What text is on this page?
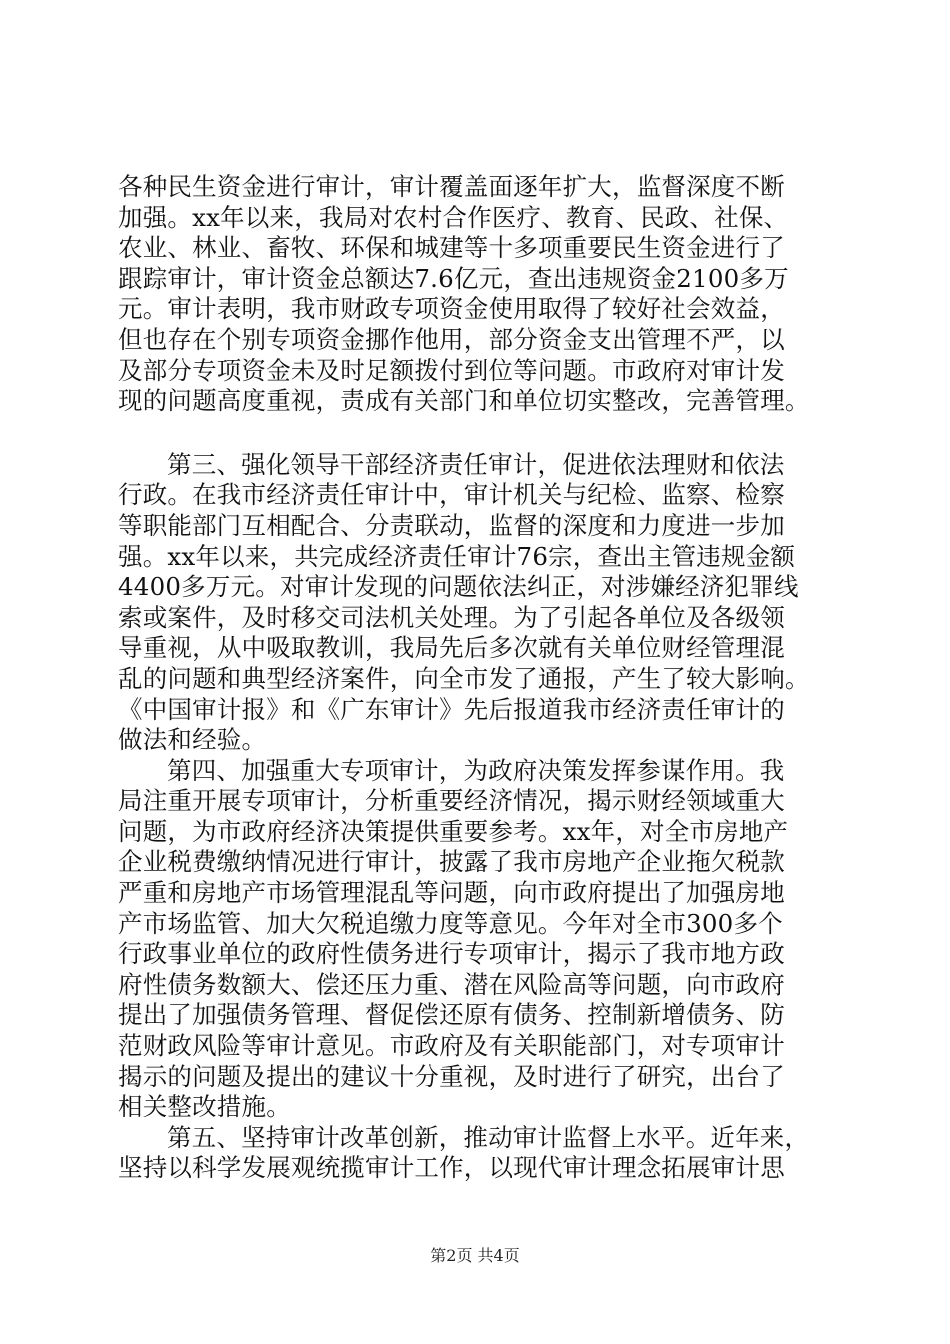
各种民生资金进行审计，审计覆盖面逐年扩大，监督深度不断
加强。xx年以来，我局对农村合作医疗、教育、民政、社保、
农业、林业、畜牧、环保和城建等十多项重要民生资金进行了
跟踪审计，审计资金总额达7.6亿元，查出违规资金2100多万
元。审计表明，我市财政专项资金使用取得了较好社会效益，
但也存在个别专项资金挪作他用，部分资金支出管理不严，以
及部分专项资金未及时足额拨付到位等问题。市政府对审计发
现的问题高度重视，责成有关部门和单位切实整改，完善管理。
第三、强化领导干部经济责任审计，促进依法理财和依法
行政。在我市经济责任审计中，审计机关与纪检、监察、检察
等职能部门互相配合、分责联动，监督的深度和力度进一步加
强。xx年以来，共完成经济责任审计76宗，查出主管违规金额
4400多万元。对审计发现的问题依法纠正，对涉嫌经济犯罪线
索或案件，及时移交司法机关处理。为了引起各单位及各级领
导重视，从中吸取教训，我局先后多次就有关单位财经管理混
乱的问题和典型经济案件，向全市发了通报，产生了较大影响。
《中国审计报》和《广东审计》先后报道我市经济责任审计的
做法和经验。
第四、加强重大专项审计，为政府决策发挥参谋作用。我
局注重开展专项审计，分析重要经济情况，揭示财经领域重大
问题，为市政府经济决策提供重要参考。xx年，对全市房地产
企业税费缴纳情况进行审计，披露了我市房地产企业拖欠税款
严重和房地产市场管理混乱等问题，向市政府提出了加强房地
产市场监管、加大欠税追缴力度等意见。今年对全市300多个
行政事业单位的政府性债务进行专项审计，揭示了我市地方政
府性债务数额大、偿还压力重、潜在风险高等问题，向市政府
提出了加强债务管理、督促偿还原有债务、控制新增债务、防
范财政风险等审计意见。市政府及有关职能部门，对专项审计
揭示的问题及提出的建议十分重视，及时进行了研究，出台了
相关整改措施。
第五、坚持审计改革创新，推动审计监督上水平。近年来，
坚持以科学发展观统揽审计工作，以现代审计理念拓展审计思
第2页 共4页
